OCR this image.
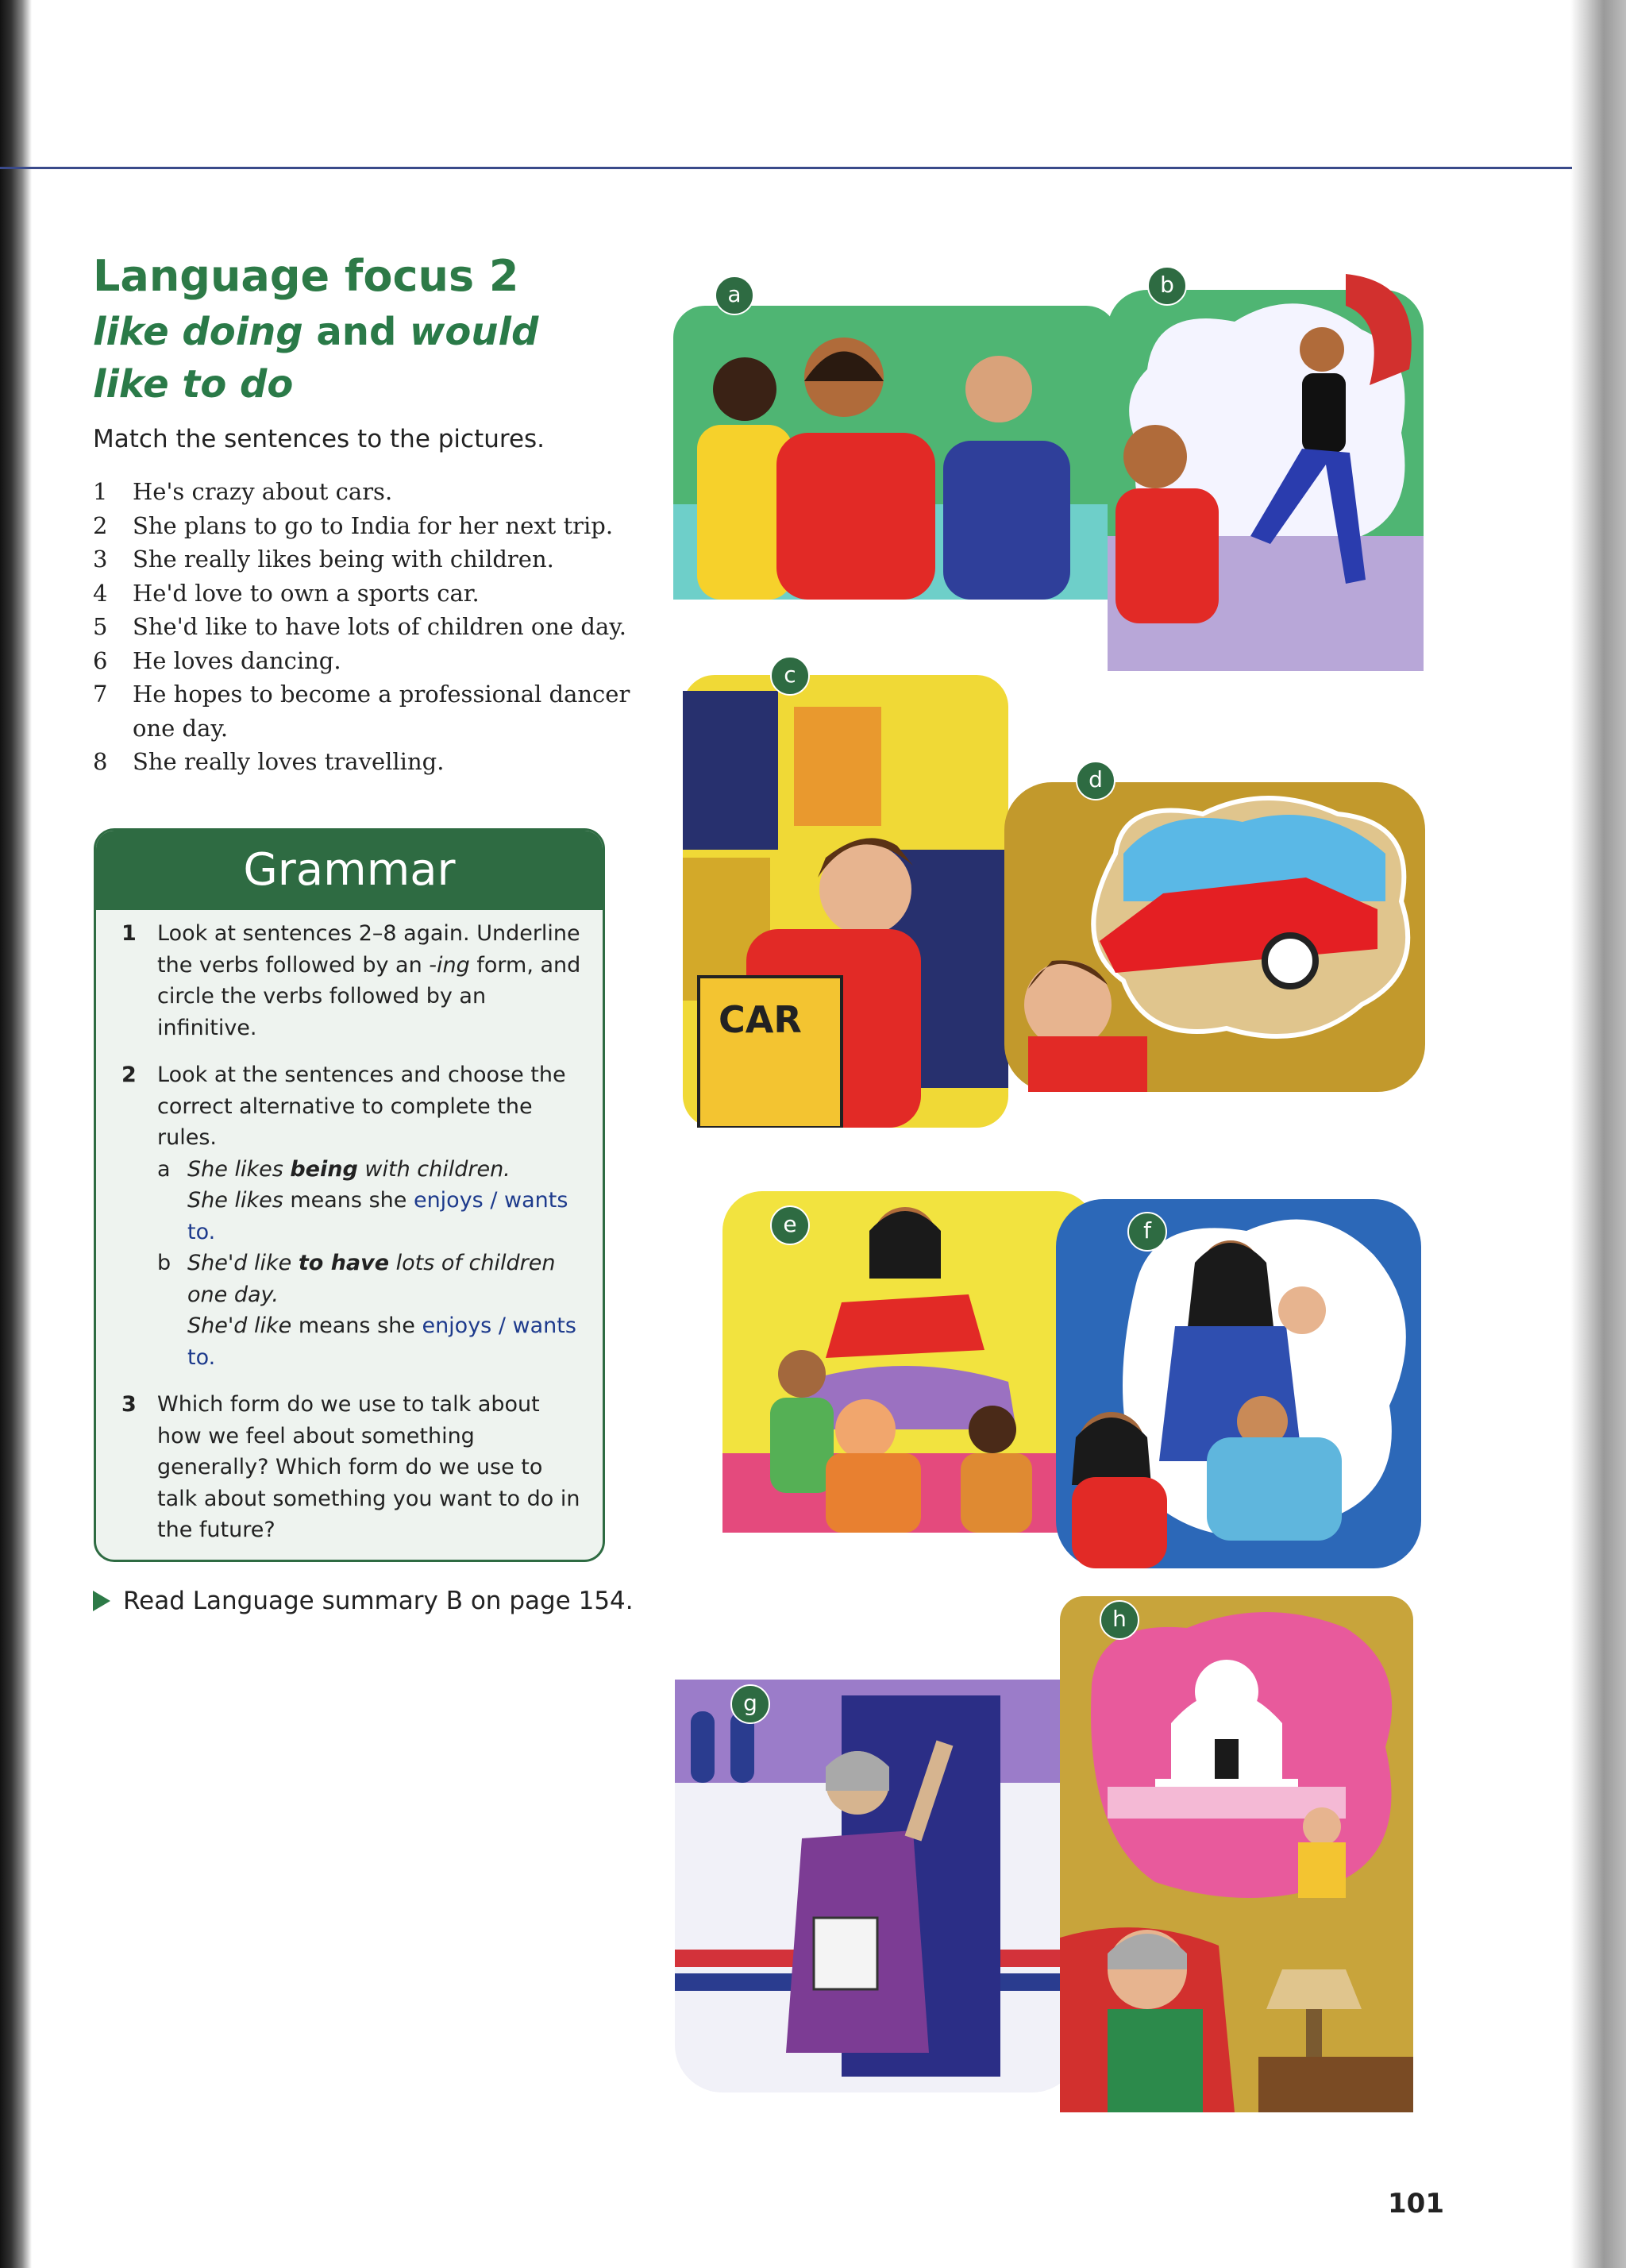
Language focus 2
like doing and would like to do

Match the sentences to the pictures.

1 He's crazy about cars.
2 She plans to go to India for her next trip.
3 She really likes being with children.
4 He'd love to own a sports car.
5 She'd like to have lots of children one day.
6 He loves dancing.
7 He hopes to become a professional dancer one day.
8 She really loves travelling.
Grammar
1 Look at sentences 2–8 again. Underline the verbs followed by an -ing form, and circle the verbs followed by an infinitive.
2 Look at the sentences and choose the correct alternative to complete the rules.
a She likes being with children.
She likes means she enjoys / wants to.
b She'd like to have lots of children one day.
She'd like means she enjoys / wants to.
3 Which form do we use to talk about how we feel about something generally? Which form do we use to talk about something you want to do in the future?
Read Language summary B on page 154.
a	b
CAR
c
d
e	f
g
h
101
